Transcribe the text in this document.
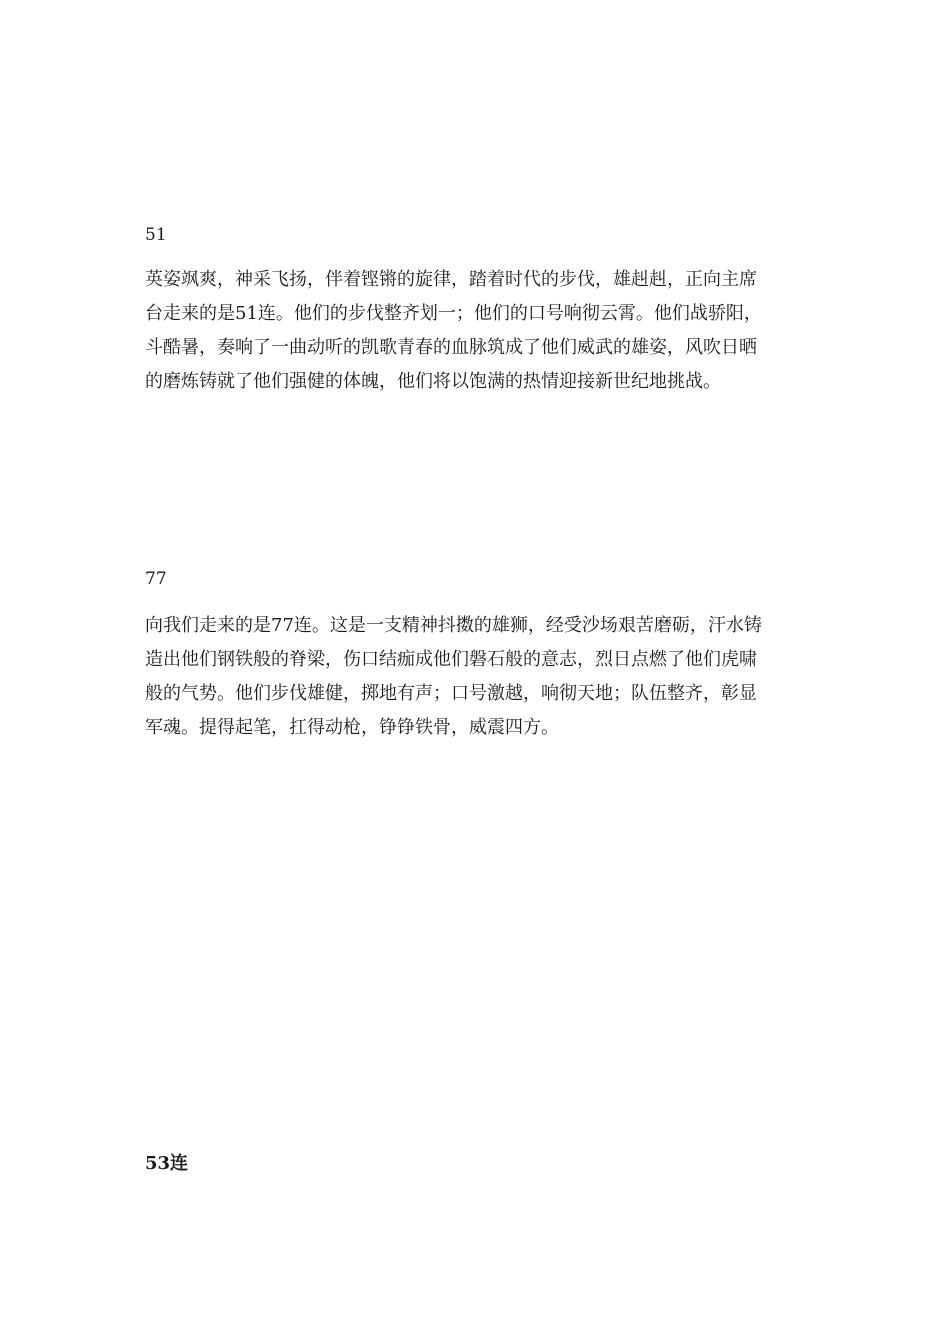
51

英姿飒爽，神采飞扬，伴着铿锵的旋律，踏着时代的步伐，雄赳赳，正向主席
台走来的是51连。他们的步伐整齐划一；他们的口号响彻云霄。他们战骄阳，
斗酷暑，奏响了一曲动听的凯歌青春的血脉筑成了他们威武的雄姿，风吹日晒
的磨炼铸就了他们强健的体魄，他们将以饱满的热情迎接新世纪地挑战。

77

向我们走来的是77连。这是一支精神抖擞的雄狮，经受沙场艰苦磨砺，汗水铸
造出他们钢铁般的脊梁，伤口结痂成他们磐石般的意志，烈日点燃了他们虎啸
般的气势。他们步伐雄健，掷地有声；口号激越，响彻天地；队伍整齐，彰显
军魂。提得起笔，扛得动枪，铮铮铁骨，威震四方。

53连
